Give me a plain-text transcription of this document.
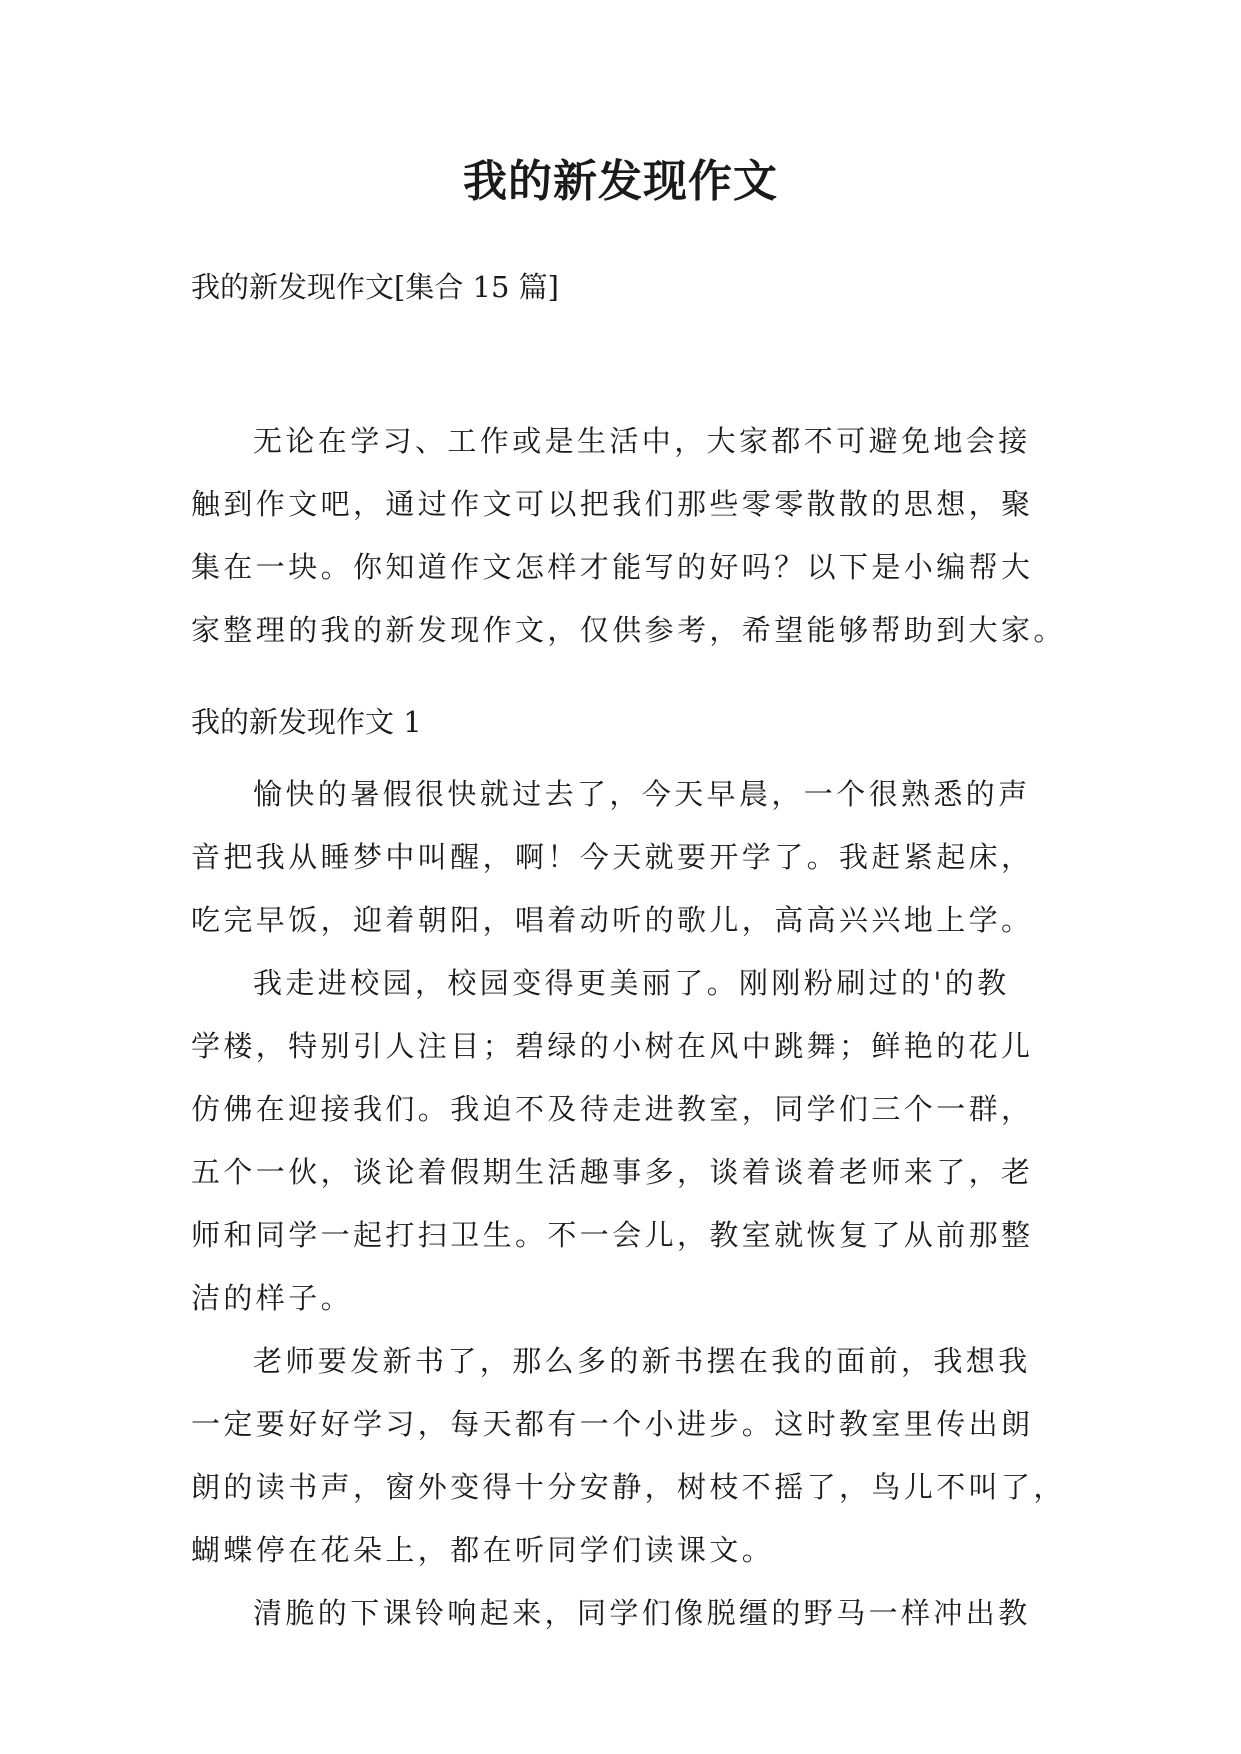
我的新发现作文

我的新发现作文[集合 15 篇]

无论在学习、工作或是生活中，大家都不可避免地会接
触到作文吧，通过作文可以把我们那些零零散散的思想，聚
集在一块。你知道作文怎样才能写的好吗？以下是小编帮大
家整理的我的新发现作文，仅供参考，希望能够帮助到大家。

我的新发现作文 1

愉快的暑假很快就过去了，今天早晨，一个很熟悉的声
音把我从睡梦中叫醒，啊！今天就要开学了。我赶紧起床，
吃完早饭，迎着朝阳，唱着动听的歌儿，高高兴兴地上学。
我走进校园，校园变得更美丽了。刚刚粉刷过的'的教
学楼，特别引人注目；碧绿的小树在风中跳舞；鲜艳的花儿
仿佛在迎接我们。我迫不及待走进教室，同学们三个一群，
五个一伙，谈论着假期生活趣事多，谈着谈着老师来了，老
师和同学一起打扫卫生。不一会儿，教室就恢复了从前那整
洁的样子。
老师要发新书了，那么多的新书摆在我的面前，我想我
一定要好好学习，每天都有一个小进步。这时教室里传出朗
朗的读书声，窗外变得十分安静，树枝不摇了，鸟儿不叫了，
蝴蝶停在花朵上，都在听同学们读课文。
清脆的下课铃响起来，同学们像脱缰的野马一样冲出教
